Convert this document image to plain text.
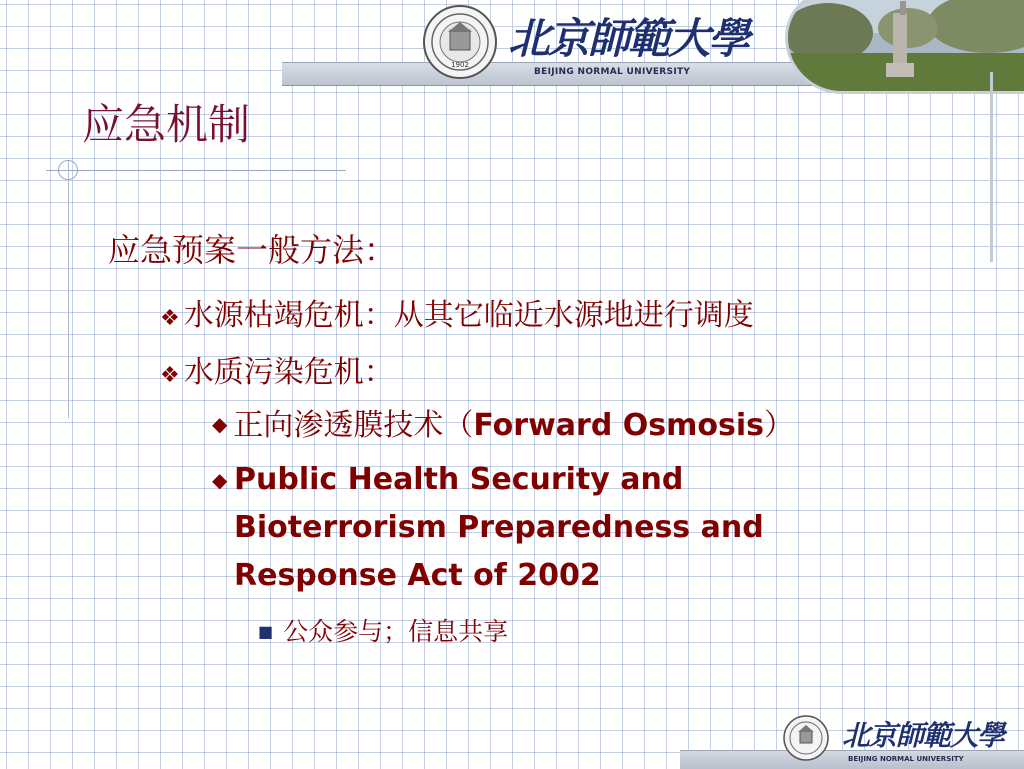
BEIJING NORMAL UNIVERSITY
1902
北京師範大學
应急机制
应急预案一般方法：
❖ 水源枯竭危机：从其它临近水源地进行调度
❖ 水质污染危机：
◆ 正向渗透膜技术（Forward Osmosis）
◆ Public Health Security and Bioterrorism Preparedness and Response Act of 2002
■ 公众参与；信息共享
BEIJING NORMAL UNIVERSITY
北京師範大學
